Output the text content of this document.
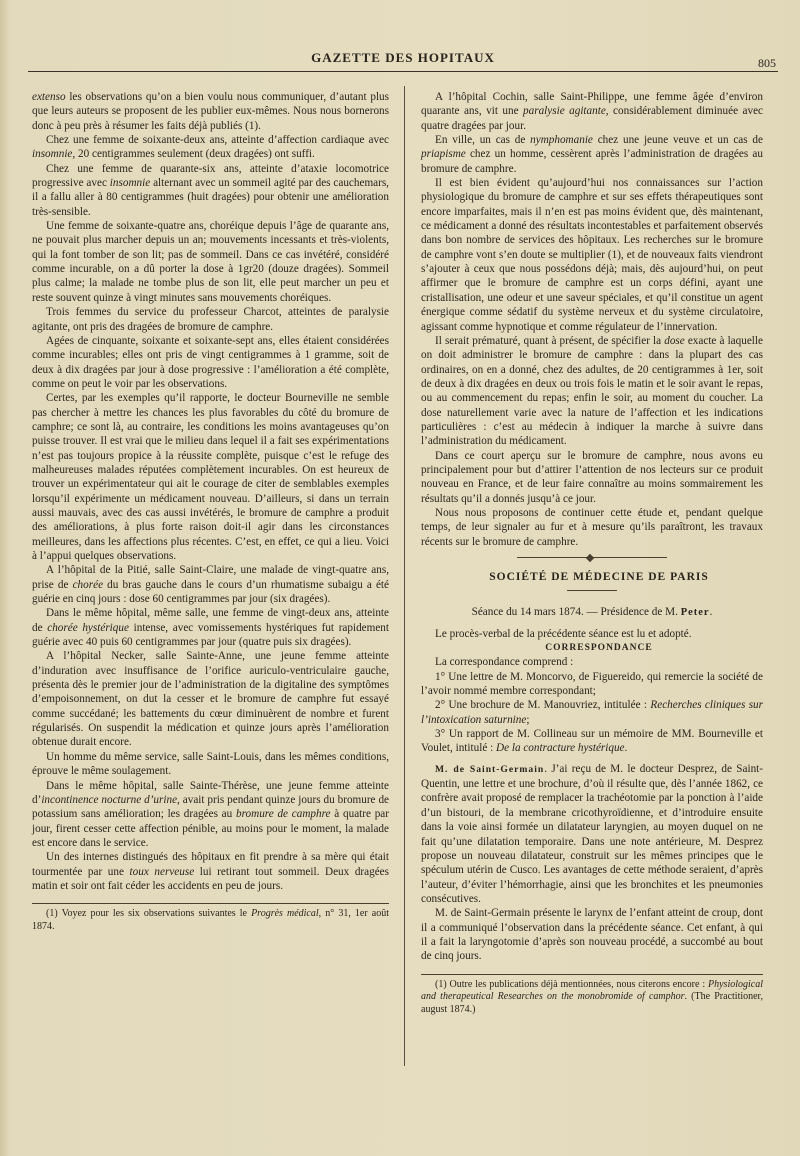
GAZETTE DES HOPITAUX	805

extenso les observations qu’on a bien voulu nous communiquer, d’autant plus que leurs auteurs se proposent de les publier eux-mêmes. Nous nous bornerons donc à peu près à résumer les faits déjà publiés (1).

Chez une femme de soixante-deux ans, atteinte d’affection cardiaque avec insomnie, 20 centigrammes seulement (deux dragées) ont suffi.

Chez une femme de quarante-six ans, atteinte d’ataxie locomotrice progressive avec insomnie alternant avec un sommeil agité par des cauchemars, il a fallu aller à 80 centigrammes (huit dragées) pour obtenir une amélioration très-sensible.

Une femme de soixante-quatre ans, choréique depuis l’âge de quarante ans, ne pouvait plus marcher depuis un an; mouvements incessants et très-violents, qui la font tomber de son lit; pas de sommeil. Dans ce cas invétéré, considéré comme incurable, on a dû porter la dose à 1gr20 (douze dragées). Sommeil plus calme; la malade ne tombe plus de son lit, elle peut marcher un peu et reste souvent quinze à vingt minutes sans mouvements choréiques.

Trois femmes du service du professeur Charcot, atteintes de paralysie agitante, ont pris des dragées de bromure de camphre.

Agées de cinquante, soixante et soixante-sept ans, elles étaient considérées comme incurables; elles ont pris de vingt centigrammes à 1 gramme, soit de deux à dix dragées par jour à dose progressive : l’amélioration a été complète, comme on peut le voir par les observations.

Certes, par les exemples qu’il rapporte, le docteur Bourneville ne semble pas chercher à mettre les chances les plus favorables du côté du bromure de camphre; ce sont là, au contraire, les conditions les moins avantageuses qu’on puisse trouver. Il est vrai que le milieu dans lequel il a fait ses expérimentations n’est pas toujours propice à la réussite complète, puisque c’est le refuge des malheureuses malades réputées complètement incurables. On est heureux de trouver un expérimentateur qui ait le courage de citer de semblables exemples lorsqu’il expérimente un médicament nouveau. D’ailleurs, si dans un terrain aussi mauvais, avec des cas aussi invétérés, le bromure de camphre a produit des améliorations, à plus forte raison doit-il agir dans les circonstances meilleures, dans les affections plus récentes. C’est, en effet, ce qui a lieu. Voici à l’appui quelques observations.

A l’hôpital de la Pitié, salle Saint-Claire, une malade de vingt-quatre ans, prise de chorée du bras gauche dans le cours d’un rhumatisme subaigu a été guérie en cinq jours : dose 60 centigrammes par jour (six dragées).

Dans le même hôpital, même salle, une femme de vingt-deux ans, atteinte de chorée hystérique intense, avec vomissements hystériques fut rapidement guérie avec 40 puis 60 centigrammes par jour (quatre puis six dragées).

A l’hôpital Necker, salle Sainte-Anne, une jeune femme atteinte d’induration avec insuffisance de l’orifice auriculo-ventriculaire gauche, présenta dès le premier jour de l’administration de la digitaline des symptômes d’empoisonnement, on dut la cesser et le bromure de camphre fut essayé comme succédané; les battements du cœur diminuèrent de nombre et furent régularisés. On suspendit la médication et quinze jours après l’amélioration obtenue durait encore.

Un homme du même service, salle Saint-Louis, dans les mêmes conditions, éprouve le même soulagement.

Dans le même hôpital, salle Sainte-Thérèse, une jeune femme atteinte d’incontinence nocturne d’urine, avait pris pendant quinze jours du bromure de potassium sans amélioration; les dragées au bromure de camphre à quatre par jour, firent cesser cette affection pénible, au moins pour le moment, la malade est encore dans le service.

Un des internes distingués des hôpitaux en fit prendre à sa mère qui était tourmentée par une toux nerveuse lui retirant tout sommeil. Deux dragées matin et soir ont fait céder les accidents en peu de jours.

(1) Voyez pour les six observations suivantes le Progrès médical, n° 31, 1er août 1874.

A l’hôpital Cochin, salle Saint-Philippe, une femme âgée d’environ quarante ans, vit une paralysie agitante, considérablement diminuée avec quatre dragées par jour.

En ville, un cas de nymphomanie chez une jeune veuve et un cas de priapisme chez un homme, cessèrent après l’administration de dragées au bromure de camphre.

Il est bien évident qu’aujourd’hui nos connaissances sur l’action physiologique du bromure de camphre et sur ses effets thérapeutiques sont encore imparfaites, mais il n’en est pas moins évident que, dès maintenant, ce médicament a donné des résultats incontestables et parfaitement observés dans bon nombre de services des hôpitaux. Les recherches sur le bromure de camphre vont s’en doute se multiplier (1), et de nouveaux faits viendront s’ajouter à ceux que nous possédons déjà; mais, dès aujourd’hui, on peut affirmer que le bromure de camphre est un corps défini, ayant une cristallisation, une odeur et une saveur spéciales, et qu’il constitue un agent énergique comme sédatif du système nerveux et du système circulatoire, agissant comme hypnotique et comme régulateur de l’innervation.

Il serait prématuré, quant à présent, de spécifier la dose exacte à laquelle on doit administrer le bromure de camphre : dans la plupart des cas ordinaires, on en a donné, chez des adultes, de 20 centigrammes à 1er, soit de deux à dix dragées en deux ou trois fois le matin et le soir avant le repas, ou au commencement du repas; enfin le soir, au moment du coucher. La dose naturellement varie avec la nature de l’affection et les indications particulières : c’est au médecin à indiquer la marche à suivre dans l’administration du médicament.

Dans ce court aperçu sur le bromure de camphre, nous avons eu principalement pour but d’attirer l’attention de nos lecteurs sur ce produit nouveau en France, et de leur faire connaître au moins sommairement les résultats qu’il a donnés jusqu’à ce jour.

Nous nous proposons de continuer cette étude et, pendant quelque temps, de leur signaler au fur et à mesure qu’ils paraîtront, les travaux récents sur le bromure de camphre.

SOCIÉTÉ DE MÉDECINE DE PARIS

Séance du 14 mars 1874. — Présidence de M. Peter.

Le procès-verbal de la précédente séance est lu et adopté.

CORRESPONDANCE

La correspondance comprend :

1° Une lettre de M. Moncorvo, de Figuereido, qui remercie la société de l’avoir nommé membre correspondant;

2° Une brochure de M. Manouvriez, intitulée : Recherches cliniques sur l’intoxication saturnine;

3° Un rapport de M. Collineau sur un mémoire de MM. Bourneville et Voulet, intitulé : De la contracture hystérique.

M. de Saint-Germain. J’ai reçu de M. le docteur Desprez, de Saint-Quentin, une lettre et une brochure, d’où il résulte que, dès l’année 1862, ce confrère avait proposé de remplacer la trachéotomie par la ponction à l’aide d’un bistouri, de la membrane cricothyroïdienne, et d’introduire ensuite dans la voie ainsi formée un dilatateur laryngien, au moyen duquel on ne fait qu’une dilatation temporaire. Dans une note antérieure, M. Desprez propose un nouveau dilatateur, construit sur les mêmes principes que le spéculum utérin de Cusco. Les avantages de cette méthode seraient, d’après l’auteur, d’éviter l’hémorrhagie, ainsi que les bronchites et les pneumonies consécutives.

M. de Saint-Germain présente le larynx de l’enfant atteint de croup, dont il a communiqué l’observation dans la précédente séance. Cet enfant, à qui il a fait la laryngotomie d’après son nouveau procédé, a succombé au bout de cinq jours.

(1) Outre les publications déjà mentionnées, nous citerons encore : Physiological and therapeutical Researches on the monobromide of camphor. (The Practitioner, august 1874.)
